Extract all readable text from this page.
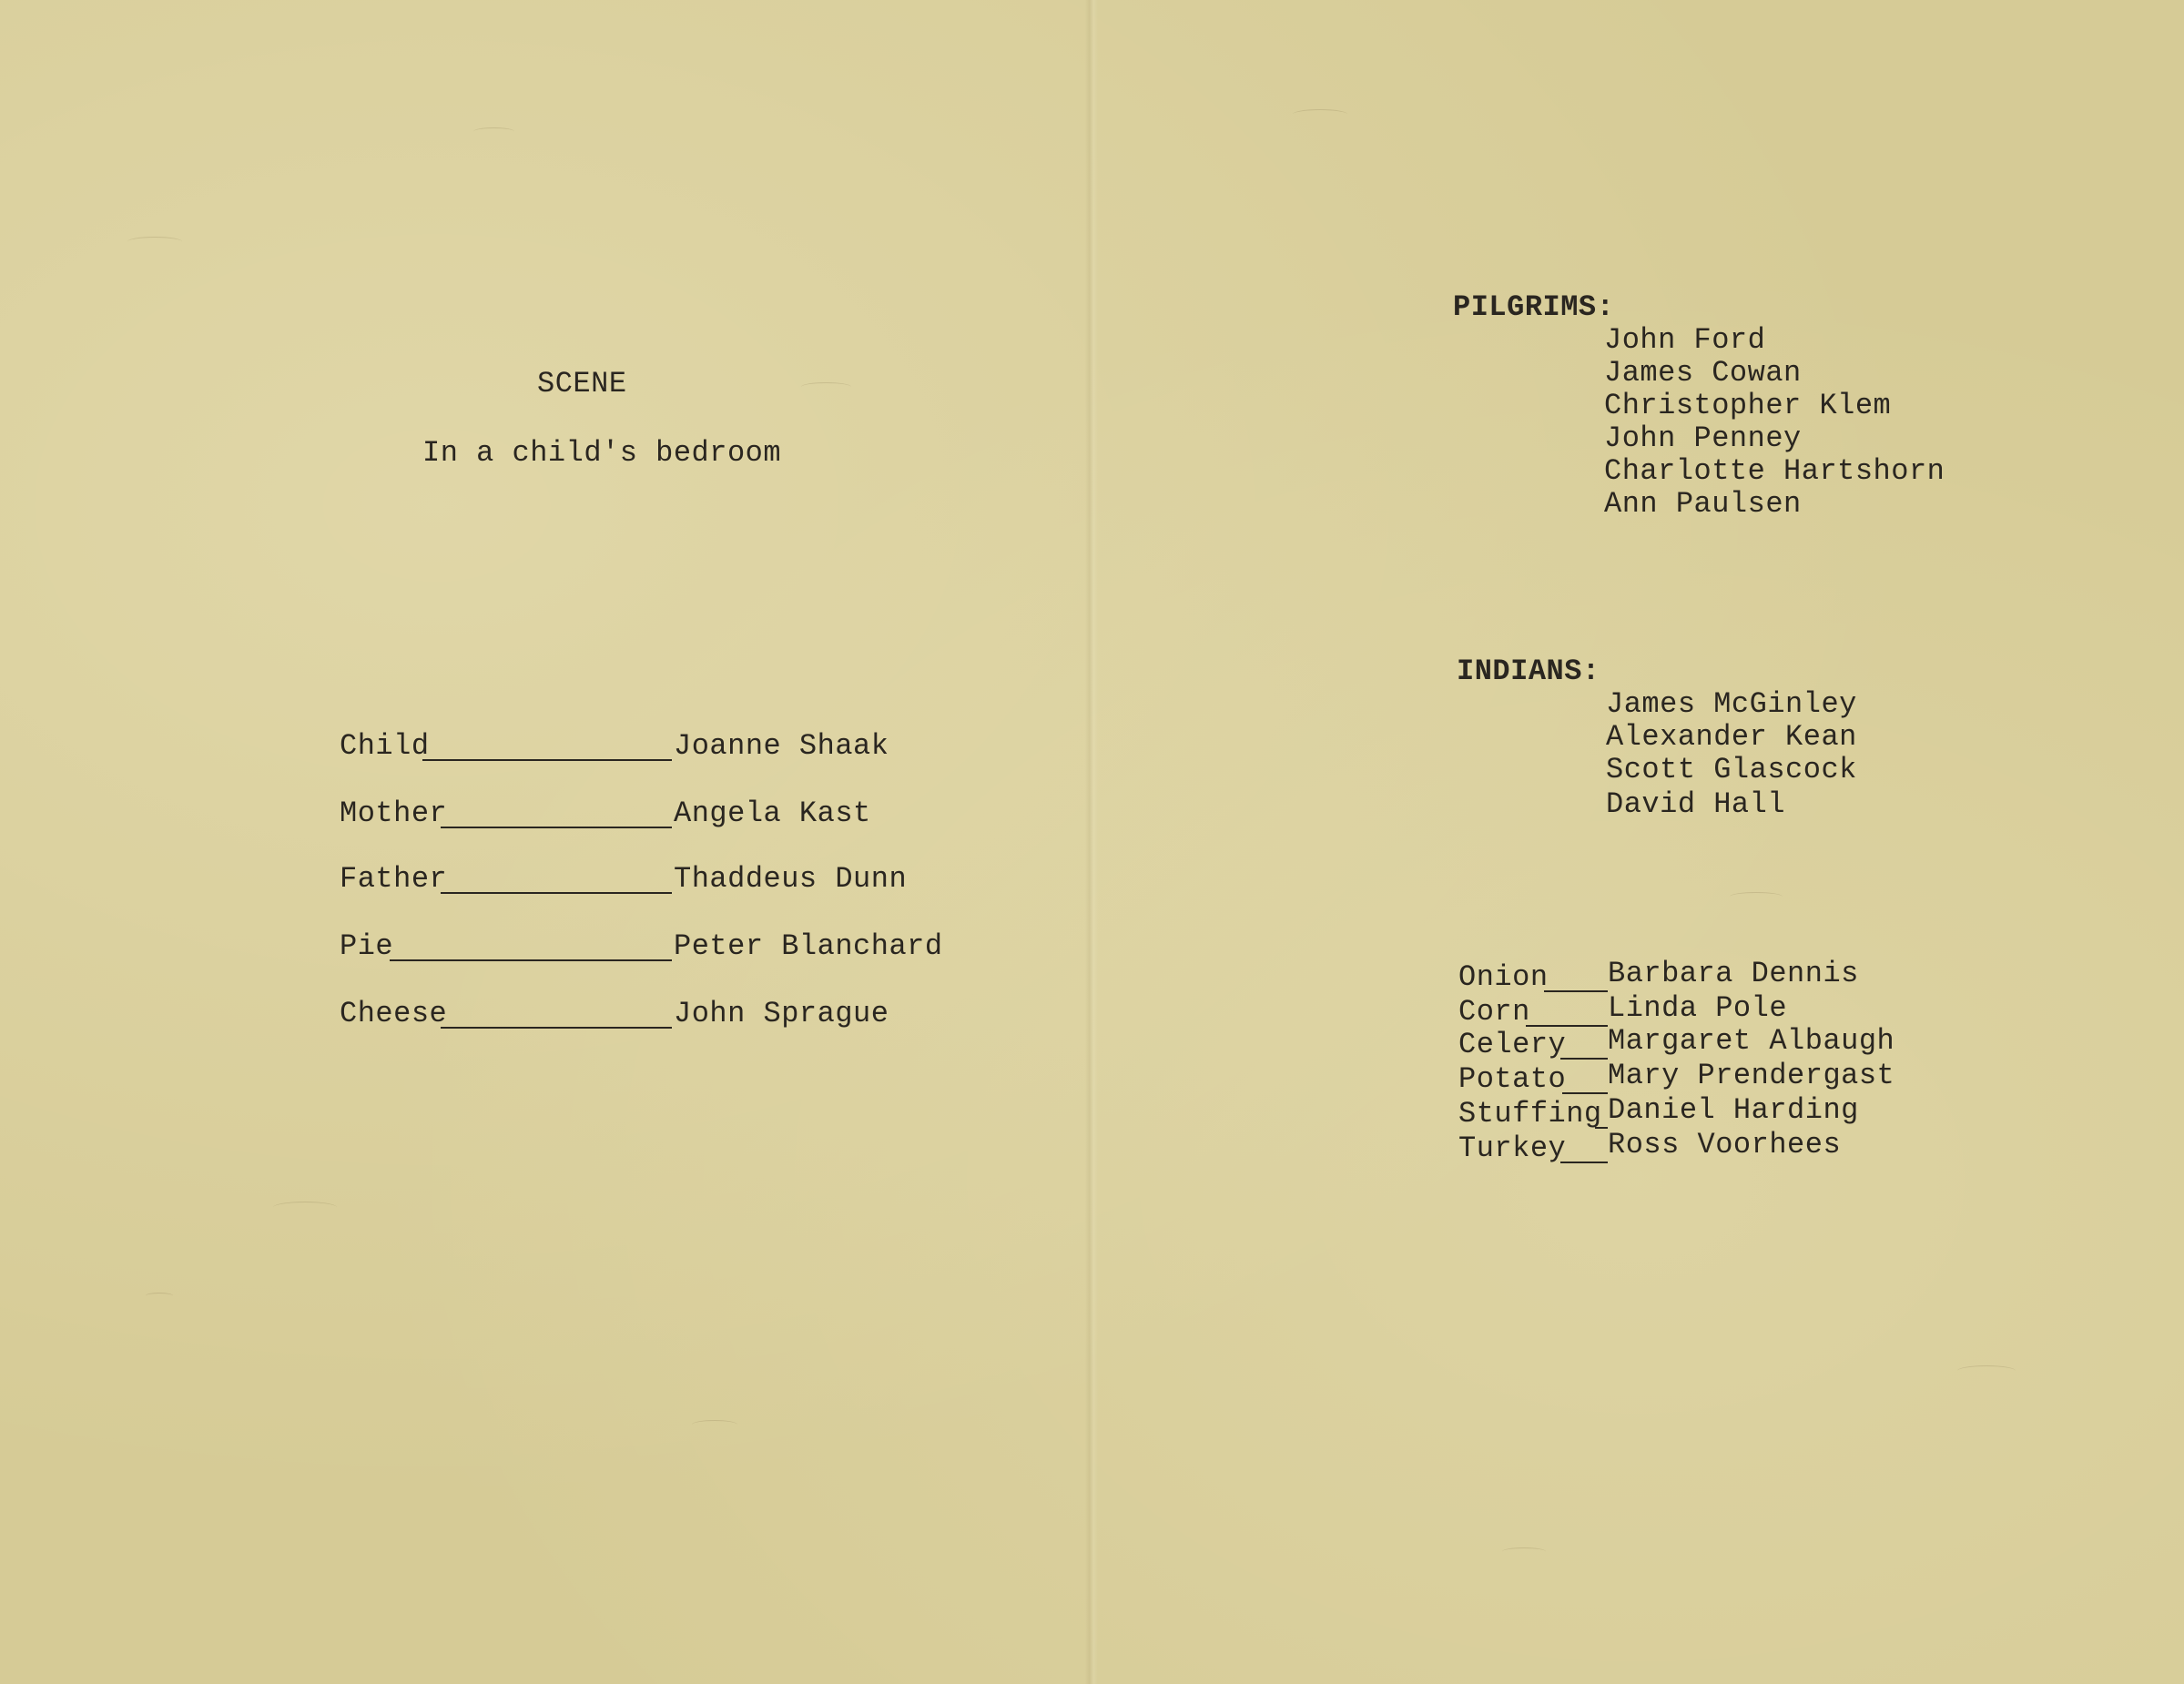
SCENE
In a child's bedroom
Child	Joanne Shaak
Mother	Angela Kast
Father	Thaddeus Dunn
Pie	Peter Blanchard
Cheese	John Sprague
PILGRIMS:
John Ford
James Cowan
Christopher Klem
John Penney
Charlotte Hartshorn
Ann Paulsen
INDIANS:
James McGinley
Alexander Kean
Scott Glascock
David Hall
Onion Barbara Dennis
Corn	Linda Pole
Celery Margaret Albaugh
Potato Mary Prendergast
Stuffing Daniel Harding
Turkey Ross Voorhees
